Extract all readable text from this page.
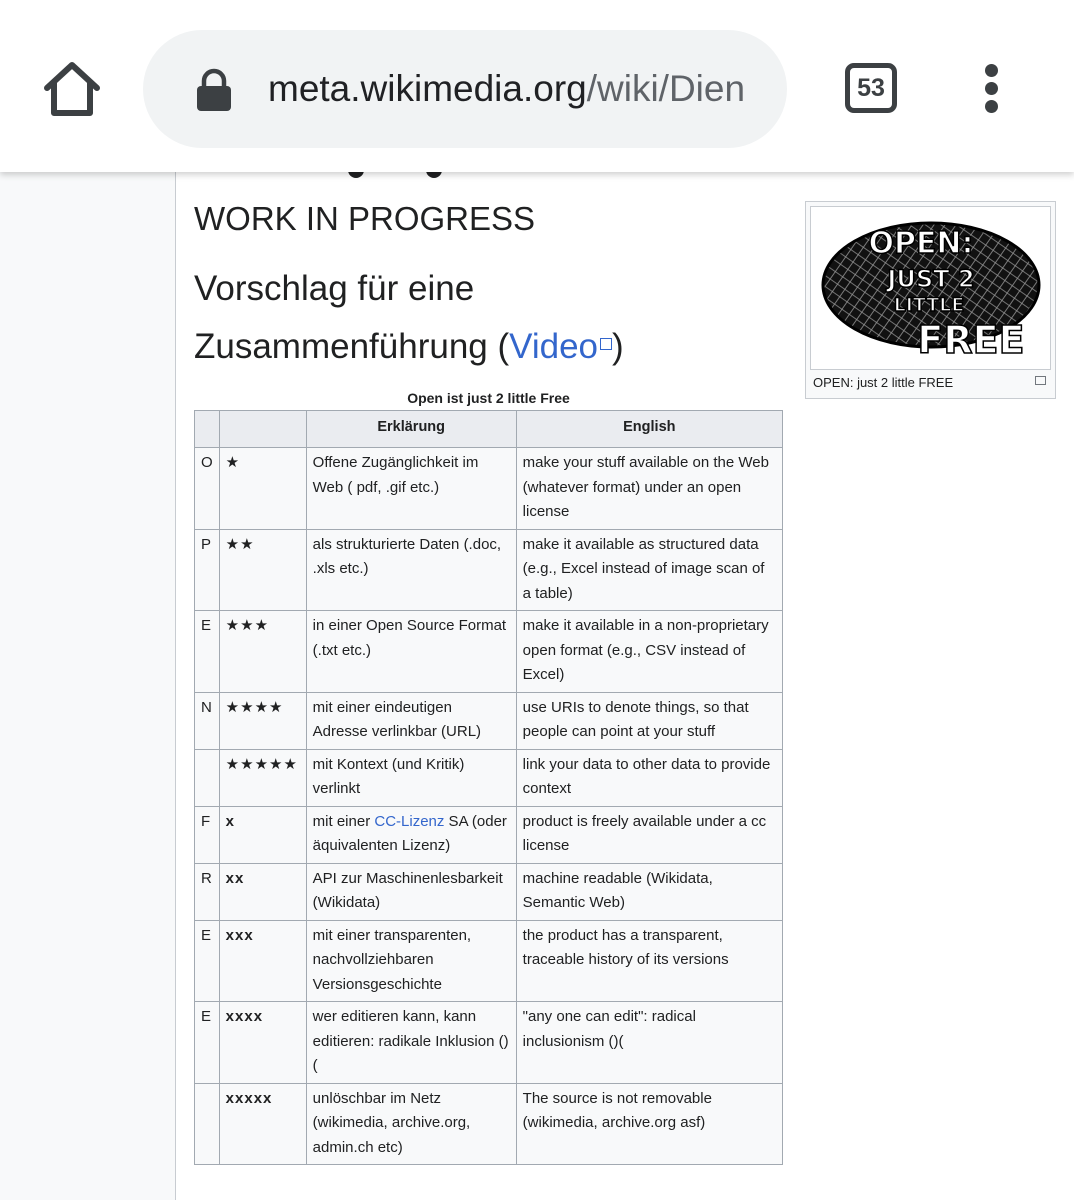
meta.wikimedia.org/wiki/Dien	53
WORK IN PROGRESS
Vorschlag für eine Zusammenführung (Video )
OPEN:
JUST 2
LITTLE
FREE
OPEN: just 2 little FREE
Open ist just 2 little Free
		Erklärung	English
O	★	Offene Zugänglichkeit im Web ( pdf, .gif etc.)	make your stuff available on the Web (whatever format) under an open license
P	★★	als strukturierte Daten (.doc, .xls etc.)	make it available as structured data (e.g., Excel instead of image scan of a table)
E	★★★	in einer Open Source Format (.txt etc.)	make it available in a non-proprietary open format (e.g., CSV instead of Excel)
N	★★★★	mit einer eindeutigen Adresse verlinkbar (URL)	use URIs to denote things, so that people can point at your stuff
	★★★★★	mit Kontext (und Kritik) verlinkt	link your data to other data to provide context
F	x	mit einer CC-Lizenz SA (oder äquivalenten Lizenz)	product is freely available under a cc license
R	xx	API zur Maschinenlesbarkeit (Wikidata)	machine readable (Wikidata, Semantic Web)
E	xxx	mit einer transparenten, nachvollziehbaren Versionsgeschichte	the product has a transparent, traceable history of its versions
E	xxxx	wer editieren kann, kann editieren: radikale Inklusion ()(	"any one can edit": radical inclusionism ()(
	xxxxx	unlöschbar im Netz (wikimedia, archive.org, admin.ch etc)	The source is not removable (wikimedia, archive.org asf)
